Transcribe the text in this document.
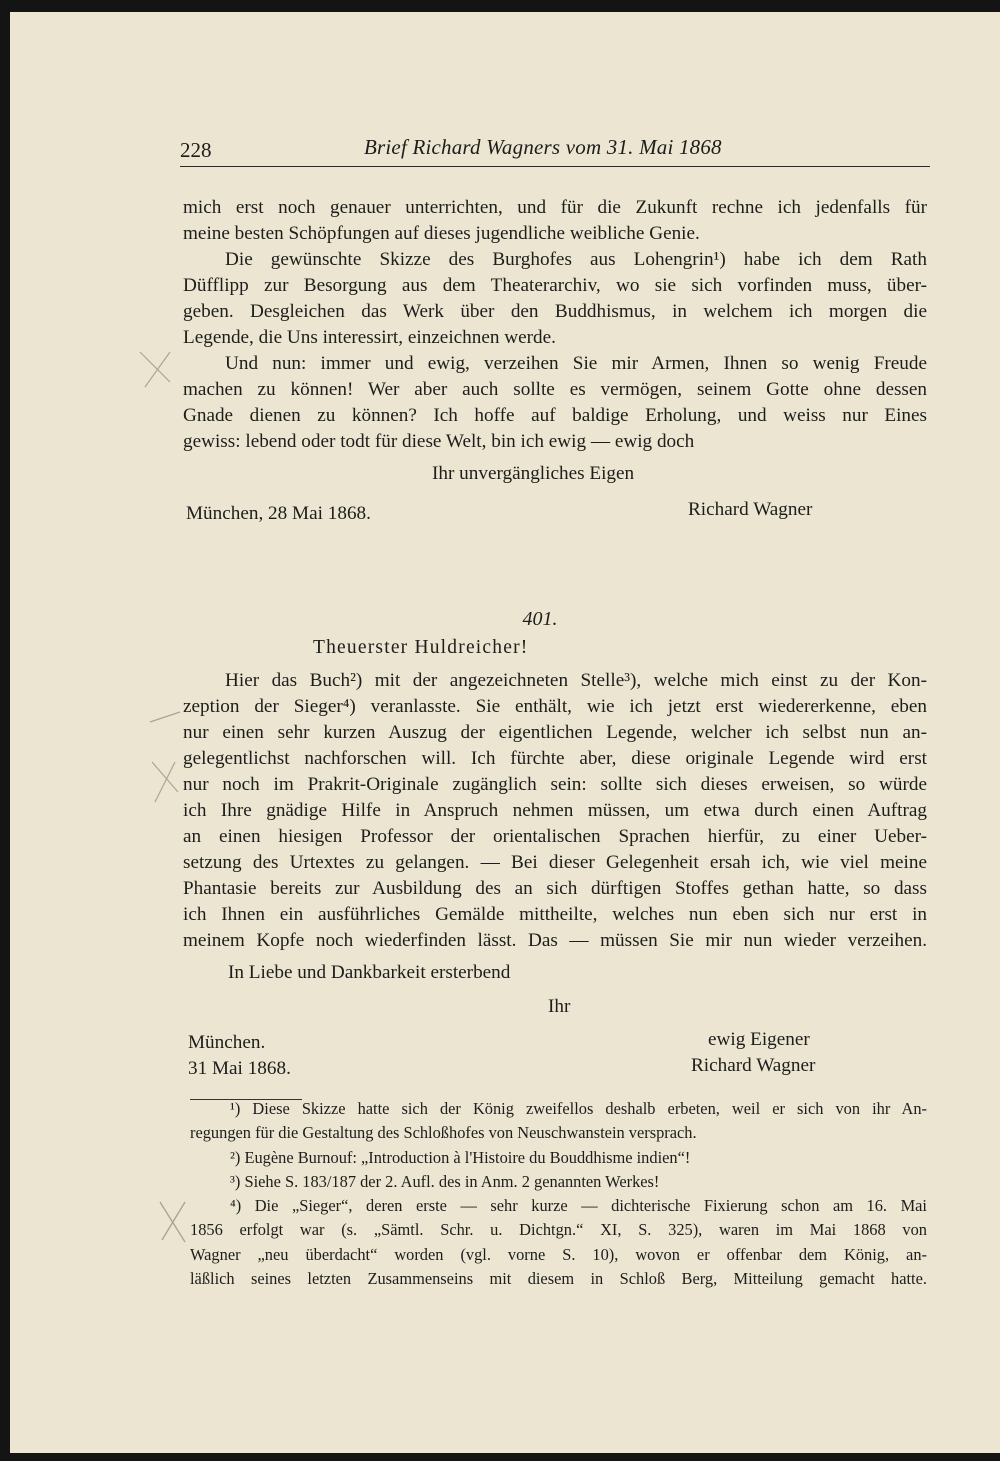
228	Brief Richard Wagners vom 31. Mai 1868
mich erst noch genauer unterrichten, und für die Zukunft rechne ich jedenfalls für
meine besten Schöpfungen auf dieses jugendliche weibliche Genie.
Die gewünschte Skizze des Burghofes aus Lohengrin¹) habe ich dem Rath
Düfflipp zur Besorgung aus dem Theaterarchiv, wo sie sich vorfinden muss, über-
geben. Desgleichen das Werk über den Buddhismus, in welchem ich morgen die
Legende, die Uns interessirt, einzeichnen werde.
Und nun: immer und ewig, verzeihen Sie mir Armen, Ihnen so wenig Freude
machen zu können! Wer aber auch sollte es vermögen, seinem Gotte ohne dessen
Gnade dienen zu können? Ich hoffe auf baldige Erholung, und weiss nur Eines
gewiss: lebend oder todt für diese Welt, bin ich ewig — ewig doch
Ihr unvergängliches Eigen
München, 28 Mai 1868.	Richard Wagner
401.
Theuerster Huldreicher!
Hier das Buch²) mit der angezeichneten Stelle³), welche mich einst zu der Kon-
zeption der Sieger⁴) veranlasste. Sie enthält, wie ich jetzt erst wiedererkenne, eben
nur einen sehr kurzen Auszug der eigentlichen Legende, welcher ich selbst nun an-
gelegentlichst nachforschen will. Ich fürchte aber, diese originale Legende wird erst
nur noch im Prakrit-Originale zugänglich sein: sollte sich dieses erweisen, so würde
ich Ihre gnädige Hilfe in Anspruch nehmen müssen, um etwa durch einen Auftrag
an einen hiesigen Professor der orientalischen Sprachen hierfür, zu einer Ueber-
setzung des Urtextes zu gelangen. — Bei dieser Gelegenheit ersah ich, wie viel meine
Phantasie bereits zur Ausbildung des an sich dürftigen Stoffes gethan hatte, so dass
ich Ihnen ein ausführliches Gemälde mittheilte, welches nun eben sich nur erst in
meinem Kopfe noch wiederfinden lässt. Das — müssen Sie mir nun wieder verzeihen.
In Liebe und Dankbarkeit ersterbend
Ihr
München.
31 Mai 1868.
ewig Eigener
Richard Wagner
¹) Diese Skizze hatte sich der König zweifellos deshalb erbeten, weil er sich von ihr An-
regungen für die Gestaltung des Schloßhofes von Neuschwanstein versprach.
²) Eugène Burnouf: „Introduction à l'Histoire du Bouddhisme indien“!
³) Siehe S. 183/187 der 2. Aufl. des in Anm. 2 genannten Werkes!
⁴) Die „Sieger“, deren erste — sehr kurze — dichterische Fixierung schon am 16. Mai
1856 erfolgt war (s. „Sämtl. Schr. u. Dichtgn.“ XI, S. 325), waren im Mai 1868 von
Wagner „neu überdacht“ worden (vgl. vorne S. 10), wovon er offenbar dem König, an-
läßlich seines letzten Zusammenseins mit diesem in Schloß Berg, Mitteilung gemacht hatte.
